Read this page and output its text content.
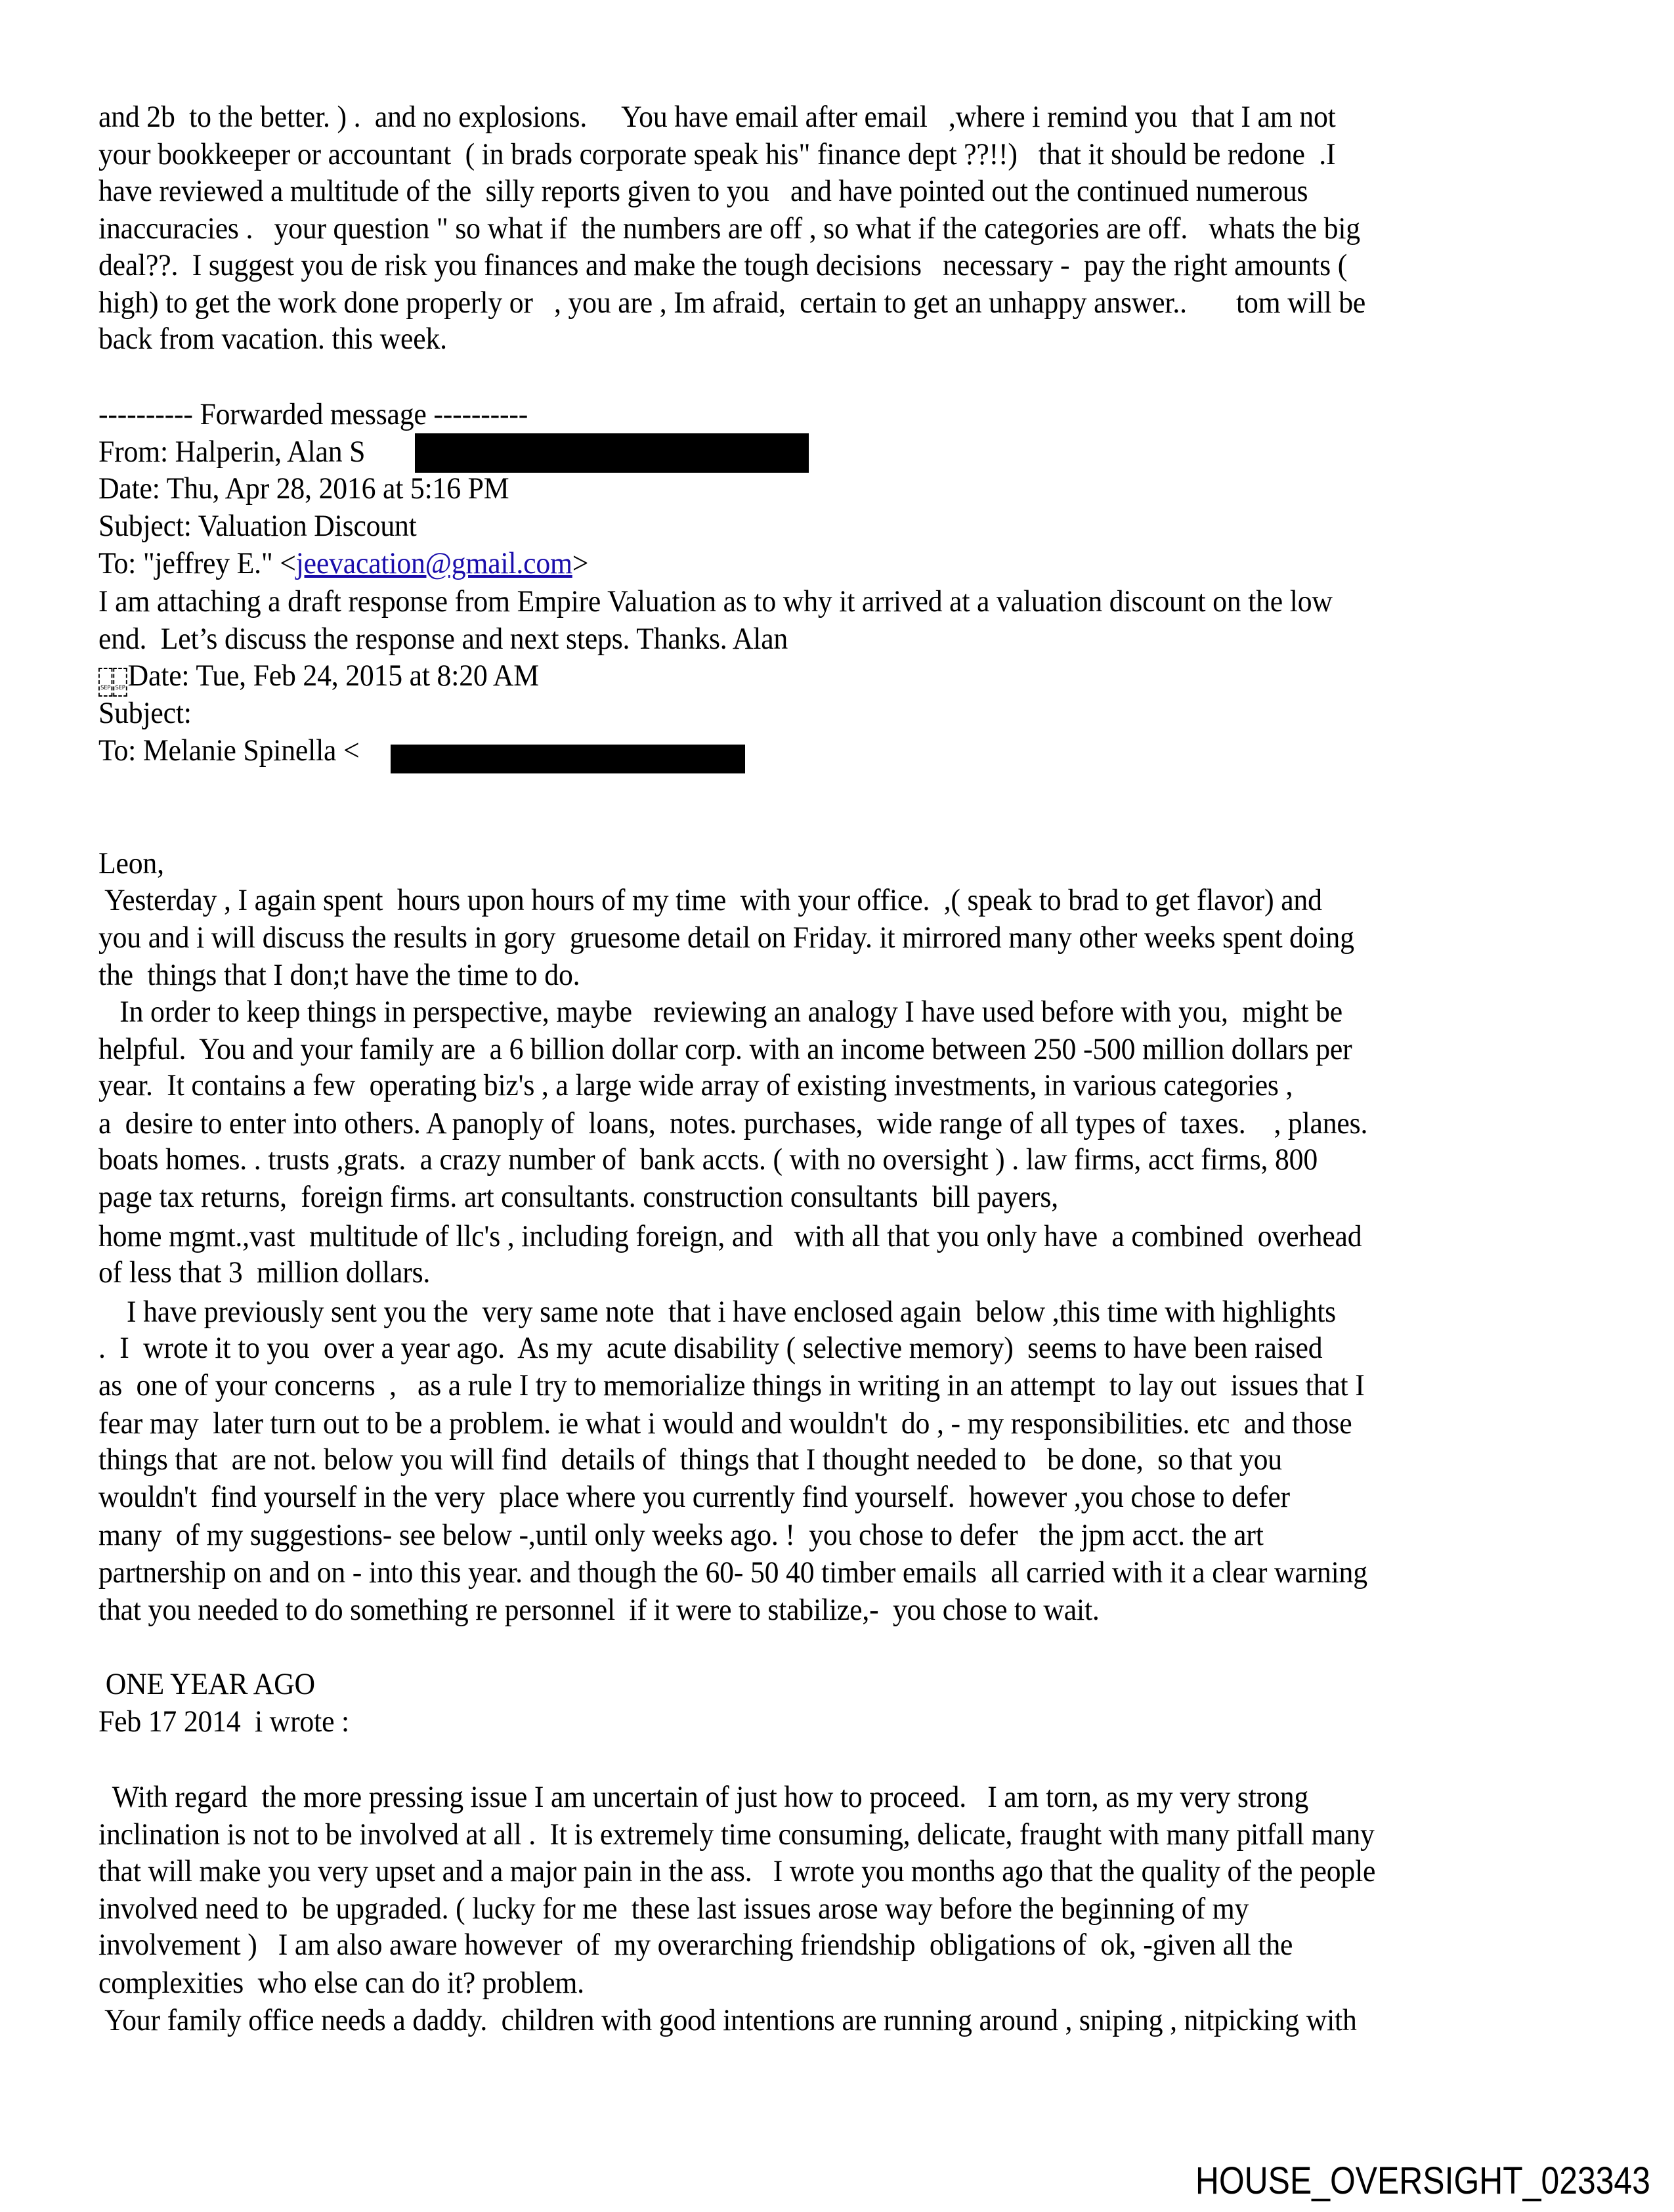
and 2b  to the better. ) .  and no explosions.     You have email after email   ,where i remind you  that I am not
your bookkeeper or accountant  ( in brads corporate speak his" finance dept ??!!)   that it should be redone  .I
have reviewed a multitude of the  silly reports given to you   and have pointed out the continued numerous
inaccuracies .   your question " so what if  the numbers are off , so what if the categories are off.   whats the big
deal??.  I suggest you de risk you finances and make the tough decisions   necessary -  pay the right amounts (
high) to get the work done properly or   , you are , Im afraid,  certain to get an unhappy answer..       tom will be
back from vacation. this week.
---------- Forwarded message ----------
From: Halperin, Alan S
Date: Thu, Apr 28, 2016 at 5:16 PM
Subject: Valuation Discount
To: "jeffrey E." <jeevacation@gmail.com>
I am attaching a draft response from Empire Valuation as to why it arrived at a valuation discount on the low
end.  Let’s discuss the response and next steps. Thanks. Alan
SEP SEPDate: Tue, Feb 24, 2015 at 8:20 AM
Subject:
To: Melanie Spinella <
Leon,
Yesterday , I again spent  hours upon hours of my time  with your office.  ,( speak to brad to get flavor) and
you and i will discuss the results in gory  gruesome detail on Friday. it mirrored many other weeks spent doing
the  things that I don;t have the time to do.
In order to keep things in perspective, maybe   reviewing an analogy I have used before with you,  might be
helpful.  You and your family are  a 6 billion dollar corp. with an income between 250 -500 million dollars per
year.  It contains a few  operating biz's , a large wide array of existing investments, in various categories ,
a  desire to enter into others. A panoply of  loans,  notes. purchases,  wide range of all types of  taxes.    , planes.
boats homes. . trusts ,grats.  a crazy number of  bank accts. ( with no oversight ) . law firms, acct firms, 800
page tax returns,  foreign firms. art consultants. construction consultants  bill payers,
home mgmt.,vast  multitude of llc's , including foreign, and   with all that you only have  a combined  overhead
of less that 3  million dollars.
I have previously sent you the  very same note  that i have enclosed again  below ,this time with highlights
.  I  wrote it to you  over a year ago.  As my  acute disability ( selective memory)  seems to have been raised
as  one of your concerns  ,   as a rule I try to memorialize things in writing in an attempt  to lay out  issues that I
fear may  later turn out to be a problem. ie what i would and wouldn't  do , - my responsibilities. etc  and those
things that  are not. below you will find  details of  things that I thought needed to   be done,  so that you
wouldn't  find yourself in the very  place where you currently find yourself.  however ,you chose to defer
many  of my suggestions- see below -,until only weeks ago. !  you chose to defer   the jpm acct. the art
partnership on and on - into this year. and though the 60- 50 40 timber emails  all carried with it a clear warning
that you needed to do something re personnel  if it were to stabilize,-  you chose to wait.
ONE YEAR AGO
Feb 17 2014  i wrote :
With regard  the more pressing issue I am uncertain of just how to proceed.   I am torn, as my very strong
inclination is not to be involved at all .  It is extremely time consuming, delicate, fraught with many pitfall many
that will make you very upset and a major pain in the ass.   I wrote you months ago that the quality of the people
involved need to  be upgraded. ( lucky for me  these last issues arose way before the beginning of my
involvement )   I am also aware however  of  my overarching friendship  obligations of  ok, -given all the
complexities  who else can do it? problem.
Your family office needs a daddy.  children with good intentions are running around , sniping , nitpicking with
HOUSE_OVERSIGHT_023343
